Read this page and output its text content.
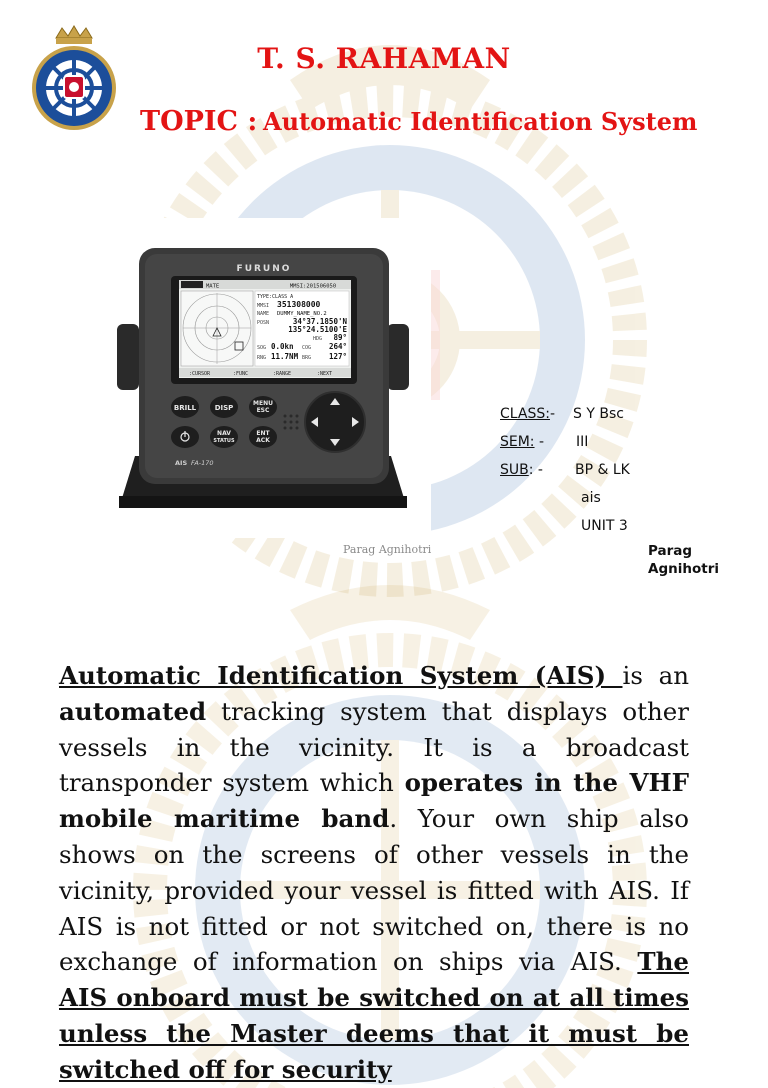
T. S. RAHAMAN
TOPIC : Automatic Identification System
FURUNO
MATE	MMSI:201506050
TYPE:CLASS A
MMSI 351308000
NAME DUMMY_NAME_NO.2
POSN	34°37.1850'N
135°24.5100'E
HDG 89°
SOG 0.0kn COG 264°
RNG 11.7NM BRG 127°
:CURSOR	:FUNC	:RANGE	:NEXT
BRILL	DISP
MENU
ESC
NAV
STATUS
ENT
ACK
AIS FA-170
Parag Agnihotri
CLASS:- S Y Bsc
SEM: - III
SUB: - BP & LK
ais
UNIT 3
Parag Agnihotri
Automatic Identification System (AIS) is an automated tracking system that displays other vessels in the vicinity. It is a broadcast transponder system which operates in the VHF mobile maritime band. Your own ship also shows on the screens of other vessels in the vicinity, provided your vessel is fitted with AIS. If AIS is not fitted or not switched on, there is no exchange of information on ships via AIS. The AIS onboard must be switched on at all times unless the Master deems that it must be switched off for security
